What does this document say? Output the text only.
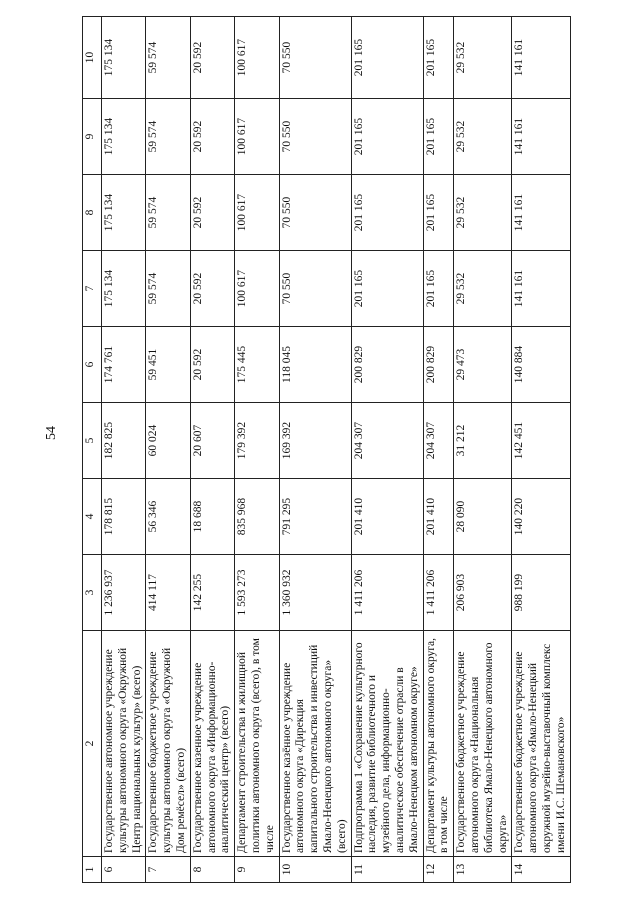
54
1	2	3	4	5	6	7	8	9	10
6	Государственное автономное учреждение культуры автономного округа «Окружной Центр национальных культур» (всего)	1 236 937	178 815	182 825	174 761	175 134	175 134	175 134	175 134
7	Государственное бюджетное учреждение культуры автономного округа «Окружной Дом ремёсел» (всего)	414 117	56 346	60 024	59 451	59 574	59 574	59 574	59 574
8	Государственное казенное учреждение автономного округа «Информационно-аналитический центр» (всего)	142 255	18 688	20 607	20 592	20 592	20 592	20 592	20 592
9	Департамент строительства и жилищной политики автономного округа (всего), в том числе	1 593 273	835 968	179 392	175 445	100 617	100 617	100 617	100 617
10	Государственное казённое учреждение автономного округа «Дирекция капитального строительства и инвестиций Ямало-Ненецкого автономного округа» (всего)	1 360 932	791 295	169 392	118 045	70 550	70 550	70 550	70 550
11	Подпрограмма 1 «Сохранение культурного наследия, развитие библиотечного и музейного дела, информационно-аналитическое обеспечение отрасли в Ямало-Ненецком автономном округе»	1 411 206	201 410	204 307	200 829	201 165	201 165	201 165	201 165
12	Департамент культуры автономного округа, в том числе	1 411 206	201 410	204 307	200 829	201 165	201 165	201 165	201 165
13	Государственное бюджетное учреждение автономного округа «Национальная библиотека Ямало-Ненецкого автономного округа»	206 903	28 090	31 212	29 473	29 532	29 532	29 532	29 532
14	Государственное бюджетное учреждение автономного округа «Ямало-Ненецкий окружной музейно-выставочный комплекс имени И.С. Шемановского»	988 199	140 220	142 451	140 884	141 161	141 161	141 161	141 161
